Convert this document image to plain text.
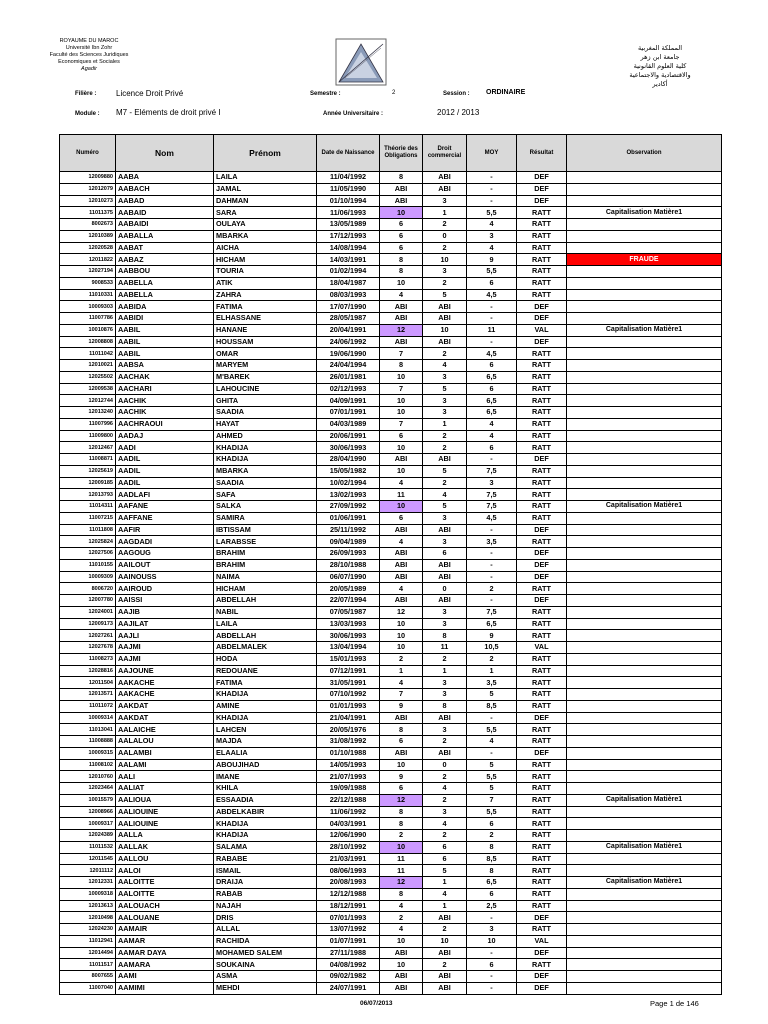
ROYAUME DU MAROC
Université Ibn Zohr
Faculté des Sciences Juridiques
Economiques et Sociales
Agadir
المملكة المغربية
جامعة ابن زهر
كلية العلوم القانونية
والاقتصادية والاجتماعية
أكادير
Filière : Licence Droit Privé	Semestre :	2	Session : ORDINAIRE
Module : M7 - Eléments de droit privé I	Année Universitaire :	2012 / 2013
Numéro	Nom	Prénom	Date de Naissance	Théorie des Obligations	Droit commercial	MOY	Résultat	Observation
12009880	AABA	LAILA	11/04/1992	8	ABI	-	DEF	
12012079	AABACH	JAMAL	11/05/1990	ABI	ABI	-	DEF	
12010273	AABAD	DAHMAN	01/10/1994	ABI	3	-	DEF	
11011375	AABAID	SARA	11/06/1993	10	1	5,5	RATT	Capitalisation Matière1
8002673	AABAIDI	OULAYA	13/05/1989	6	2	4	RATT	
12010389	AABALLA	MBARKA	17/12/1993	6	0	3	RATT	
12020528	AABAT	AICHA	14/08/1994	6	2	4	RATT	
12011822	AABAZ	HICHAM	14/03/1991	8	10	9	RATT	FRAUDE
12027194	AABBOU	TOURIA	01/02/1994	8	3	5,5	RATT	
9008533	AABELLA	ATIK	18/04/1987	10	2	6	RATT	
11010331	AABELLA	ZAHRA	08/03/1993	4	5	4,5	RATT	
10009303	AABIDA	FATIMA	17/07/1990	ABI	ABI	-	DEF	
11007786	AABIDI	ELHASSANE	28/05/1987	ABI	ABI	-	DEF	
10010876	AABIL	HANANE	20/04/1991	12	10	11	VAL	Capitalisation Matière1
12008808	AABIL	HOUSSAM	24/06/1992	ABI	ABI	-	DEF	
11011042	AABIL	OMAR	19/06/1990	7	2	4,5	RATT	
12010021	AABSA	MARYEM	24/04/1994	8	4	6	RATT	
12025502	AACHAK	M'BAREK	26/01/1981	10	3	6,5	RATT	
12009538	AACHARI	LAHOUCINE	02/12/1993	7	5	6	RATT	
12012744	AACHIK	GHITA	04/09/1991	10	3	6,5	RATT	
12013240	AACHIK	SAADIA	07/01/1991	10	3	6,5	RATT	
11007996	AACHRAOUI	HAYAT	04/03/1989	7	1	4	RATT	
11009800	AADAJ	AHMED	20/06/1991	6	2	4	RATT	
12012467	AADI	KHADIJA	30/06/1993	10	2	6	RATT	
11008871	AADIL	KHADIJA	28/04/1990	ABI	ABI	-	DEF	
12025619	AADIL	MBARKA	15/05/1982	10	5	7,5	RATT	
12009185	AADIL	SAADIA	10/02/1994	4	2	3	RATT	
12013793	AADLAFI	SAFA	13/02/1993	11	4	7,5	RATT	
11014311	AAFANE	SALKA	27/09/1992	10	5	7,5	RATT	Capitalisation Matière1
11007215	AAFFANE	SAMIRA	01/06/1991	6	3	4,5	RATT	
11011808	AAFIR	IBTISSAM	25/11/1992	ABI	ABI	-	DEF	
12025824	AAGDADI	LARABSSE	09/04/1989	4	3	3,5	RATT	
12027506	AAGOUG	BRAHIM	26/09/1993	ABI	6	-	DEF	
11010155	AAILOUT	BRAHIM	28/10/1988	ABI	ABI	-	DEF	
10009309	AAINOUSS	NAIMA	06/07/1990	ABI	ABI	-	DEF	
8006720	AAIROUD	HICHAM	20/05/1989	4	0	2	RATT	
12007780	AAISSI	ABDELLAH	22/07/1994	ABI	ABI	-	DEF	
12024001	AAJIB	NABIL	07/05/1987	12	3	7,5	RATT	
12009173	AAJILAT	LAILA	13/03/1993	10	3	6,5	RATT	
12027261	AAJLI	ABDELLAH	30/06/1993	10	8	9	RATT	
12027678	AAJMI	ABDELMALEK	13/04/1994	10	11	10,5	VAL	
11008273	AAJMI	HODA	15/01/1993	2	2	2	RATT	
12028816	AAJOUNE	REDOUANE	07/12/1991	1	1	1	RATT	
12011504	AAKACHE	FATIMA	31/05/1991	4	3	3,5	RATT	
12013571	AAKACHE	KHADIJA	07/10/1992	7	3	5	RATT	
11011072	AAKDAT	AMINE	01/01/1993	9	8	8,5	RATT	
10009314	AAKDAT	KHADIJA	21/04/1991	ABI	ABI	-	DEF	
11013041	AALAICHE	LAHCEN	20/05/1976	8	3	5,5	RATT	
11008888	AALALOU	MAJDA	31/08/1992	6	2	4	RATT	
10009315	AALAMBI	ELAALIA	01/10/1988	ABI	ABI	-	DEF	
11008102	AALAMI	ABOUJIHAD	14/05/1993	10	0	5	RATT	
12010760	AALI	IMANE	21/07/1993	9	2	5,5	RATT	
12023464	AALIAT	KHILA	19/09/1988	6	4	5	RATT	
10015579	AALIOUA	ESSAADIA	22/12/1988	12	2	7	RATT	Capitalisation Matière1
12008966	AALIOUINE	ABDELKABIR	11/06/1992	8	3	5,5	RATT	
10009317	AALIOUINE	KHADIJA	04/03/1991	8	4	6	RATT	
12024389	AALLA	KHADIJA	12/06/1990	2	2	2	RATT	
11011532	AALLAK	SALAMA	28/10/1992	10	6	8	RATT	Capitalisation Matière1
12011545	AALLOU	RABABE	21/03/1991	11	6	8,5	RATT	
12011112	AALOI	ISMAIL	08/06/1993	11	5	8	RATT	
12012331	AALOITTE	DRAIJA	20/08/1993	12	1	6,5	RATT	Capitalisation Matière1
10009318	AALOITTE	RABAB	12/12/1988	8	4	6	RATT	
12013613	AALOUACH	NAJAH	18/12/1991	4	1	2,5	RATT	
12010498	AALOUANE	DRIS	07/01/1993	2	ABI	-	DEF	
12024230	AAMAIR	ALLAL	13/07/1992	4	2	3	RATT	
11012941	AAMAR	RACHIDA	01/07/1991	10	10	10	VAL	
12014494	AAMAR DAYA	MOHAMED SALEM	27/11/1988	ABI	ABI	-	DEF	
11011517	AAMARA	SOUKAINA	04/08/1992	10	2	6	RATT	
8007655	AAMI	ASMA	09/02/1982	ABI	ABI	-	DEF	
11007040	AAMIMI	MEHDI	24/07/1991	ABI	ABI	-	DEF	
06/07/2013	Page 1 de 146
